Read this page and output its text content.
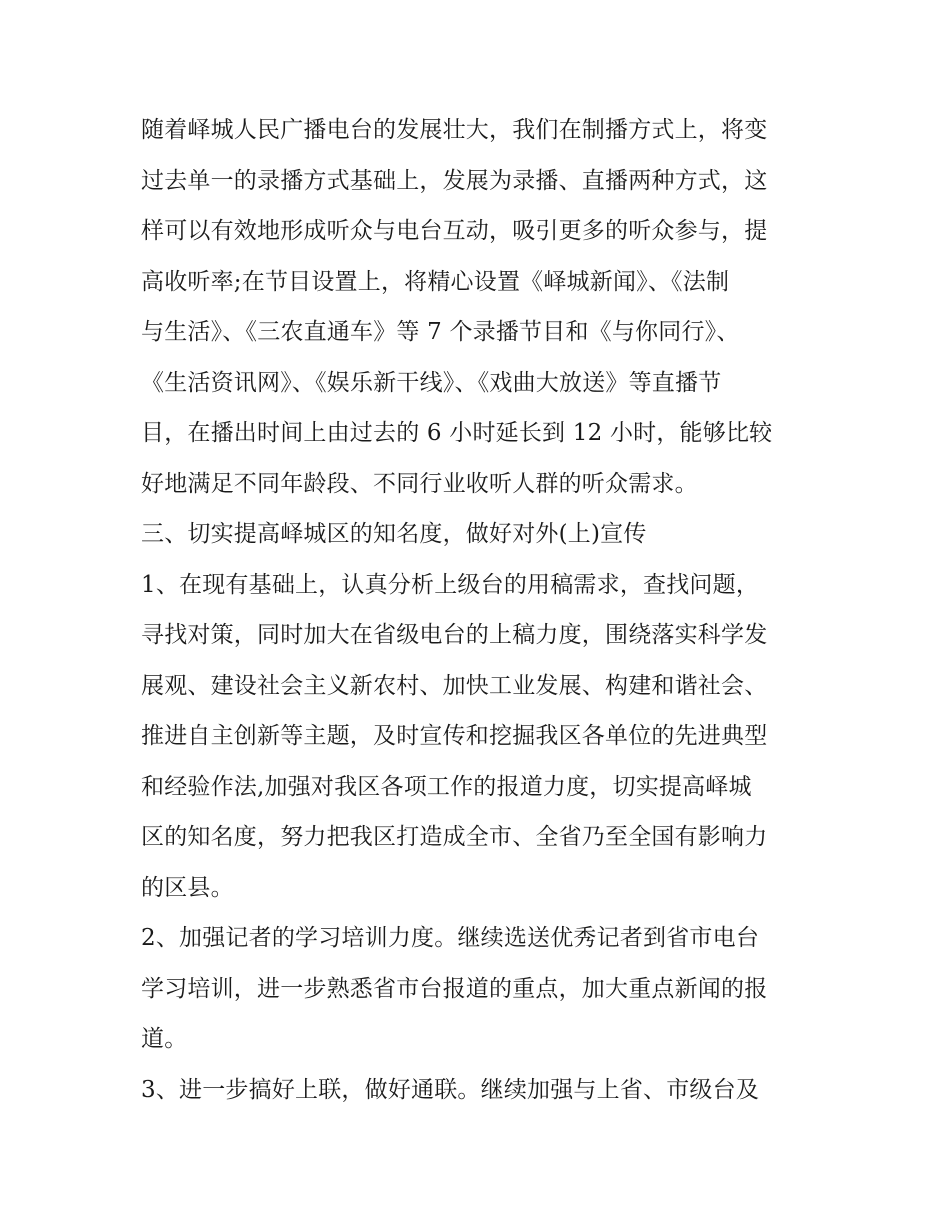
随着峄城人民广播电台的发展壮大，我们在制播方式上，将变
过去单一的录播方式基础上，发展为录播、直播两种方式，这
样可以有效地形成听众与电台互动，吸引更多的听众参与，提
高收听率;在节目设置上，将精心设置《峄城新闻》、《法制
与生活》、《三农直通车》等 7 个录播节目和《与你同行》、
《生活资讯网》、《娱乐新干线》、《戏曲大放送》等直播节
目，在播出时间上由过去的 6 小时延长到 12 小时，能够比较
好地满足不同年龄段、不同行业收听人群的听众需求。
三、切实提高峄城区的知名度，做好对外(上)宣传
1、在现有基础上，认真分析上级台的用稿需求，查找问题，
寻找对策，同时加大在省级电台的上稿力度，围绕落实科学发
展观、建设社会主义新农村、加快工业发展、构建和谐社会、
推进自主创新等主题，及时宣传和挖掘我区各单位的先进典型
和经验作法,加强对我区各项工作的报道力度，切实提高峄城
区的知名度，努力把我区打造成全市、全省乃至全国有影响力
的区县。
2、加强记者的学习培训力度。继续选送优秀记者到省市电台
学习培训，进一步熟悉省市台报道的重点，加大重点新闻的报
道。
3、进一步搞好上联，做好通联。继续加强与上省、市级台及
